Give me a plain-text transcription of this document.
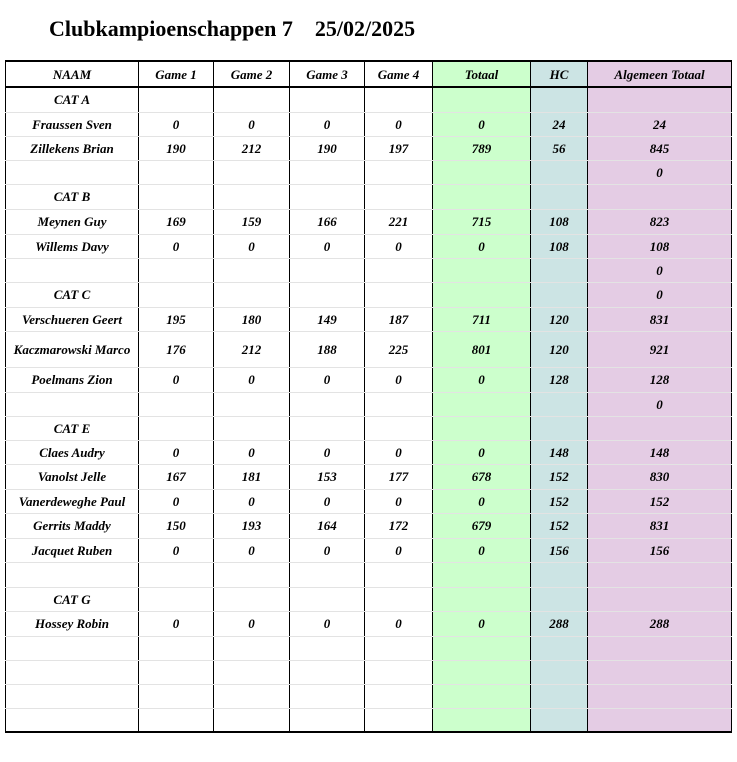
Clubkampioenschappen 7 25/02/2025
NAAM	Game 1	Game 2	Game 3	Game 4	Totaal	HC	Algemeen Totaal
CAT A							
Fraussen Sven	0	0	0	0	0	24	24
Zillekens Brian	190	212	190	197	789	56	845
							0
CAT B							
Meynen Guy	169	159	166	221	715	108	823
Willems Davy	0	0	0	0	0	108	108
							0
CAT C							0
Verschueren Geert	195	180	149	187	711	120	831
Kaczmarowski Marco	176	212	188	225	801	120	921
Poelmans Zion	0	0	0	0	0	128	128
							0
CAT E							
Claes Audry	0	0	0	0	0	148	148
Vanolst Jelle	167	181	153	177	678	152	830
Vanerdeweghe Paul	0	0	0	0	0	152	152
Gerrits Maddy	150	193	164	172	679	152	831
Jacquet Ruben	0	0	0	0	0	156	156

CAT G							
Hossey Robin	0	0	0	0	0	288	288
